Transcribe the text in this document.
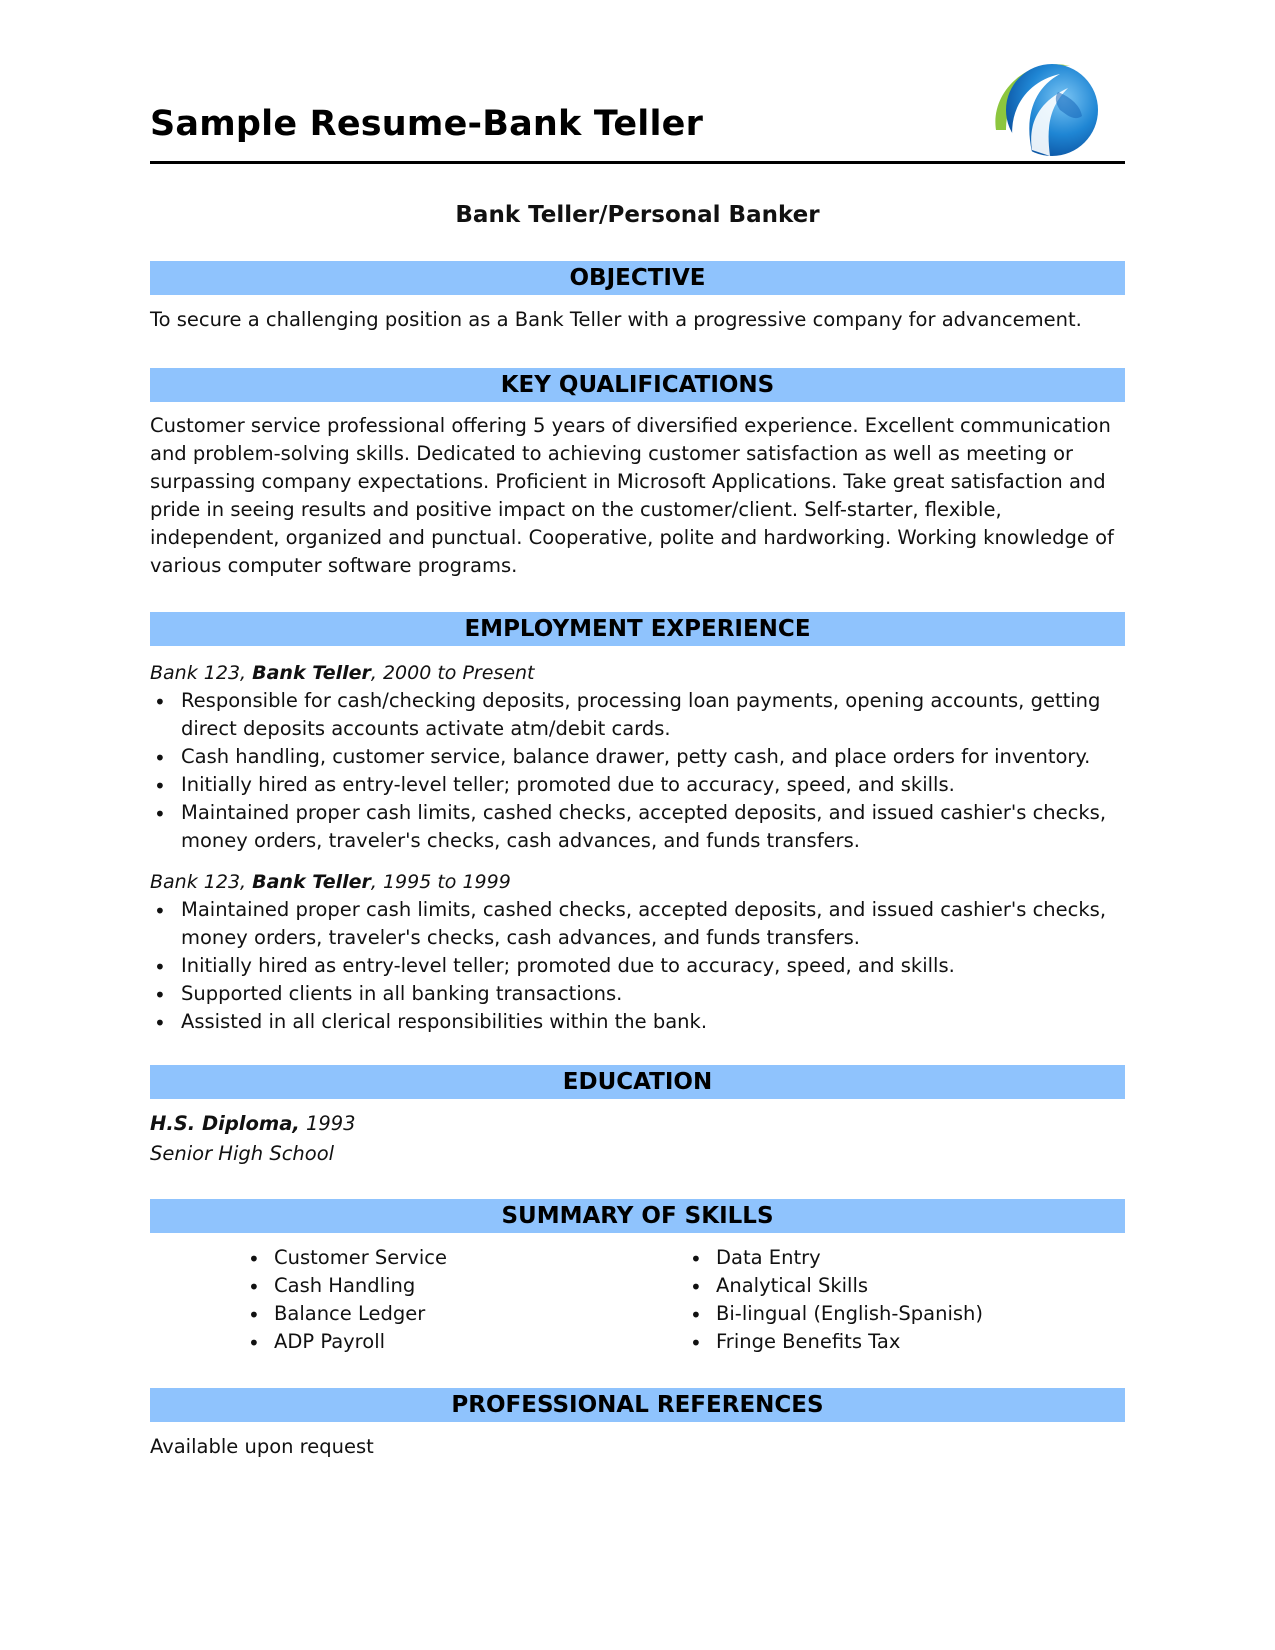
Sample Resume-Bank Teller
Bank Teller/Personal Banker
OBJECTIVE

To secure a challenging position as a Bank Teller with a progressive company for advancement.

KEY QUALIFICATIONS

Customer service professional offering 5 years of diversified experience. Excellent communication and problem-solving skills. Dedicated to achieving customer satisfaction as well as meeting or surpassing company expectations. Proficient in Microsoft Applications. Take great satisfaction and pride in seeing results and positive impact on the customer/client. Self-starter, flexible, independent, organized and punctual. Cooperative, polite and hardworking. Working knowledge of various computer software programs.

EMPLOYMENT EXPERIENCE

Bank 123, Bank Teller, 2000 to Present

• Responsible for cash/checking deposits, processing loan payments, opening accounts, getting direct deposits accounts activate atm/debit cards.
• Cash handling, customer service, balance drawer, petty cash, and place orders for inventory.
• Initially hired as entry-level teller; promoted due to accuracy, speed, and skills.
• Maintained proper cash limits, cashed checks, accepted deposits, and issued cashier's checks, money orders, traveler's checks, cash advances, and funds transfers.

Bank 123, Bank Teller, 1995 to 1999

• Maintained proper cash limits, cashed checks, accepted deposits, and issued cashier's checks, money orders, traveler's checks, cash advances, and funds transfers.
• Initially hired as entry-level teller; promoted due to accuracy, speed, and skills.
• Supported clients in all banking transactions.
• Assisted in all clerical responsibilities within the bank.
EDUCATION
H.S. Diploma, 1993
Senior High School
SUMMARY OF SKILLS
• Customer Service
• Cash Handling
• Balance Ledger
• ADP Payroll
• Data Entry
• Analytical Skills
• Bi-lingual (English-Spanish)
• Fringe Benefits Tax
PROFESSIONAL REFERENCES

Available upon request
